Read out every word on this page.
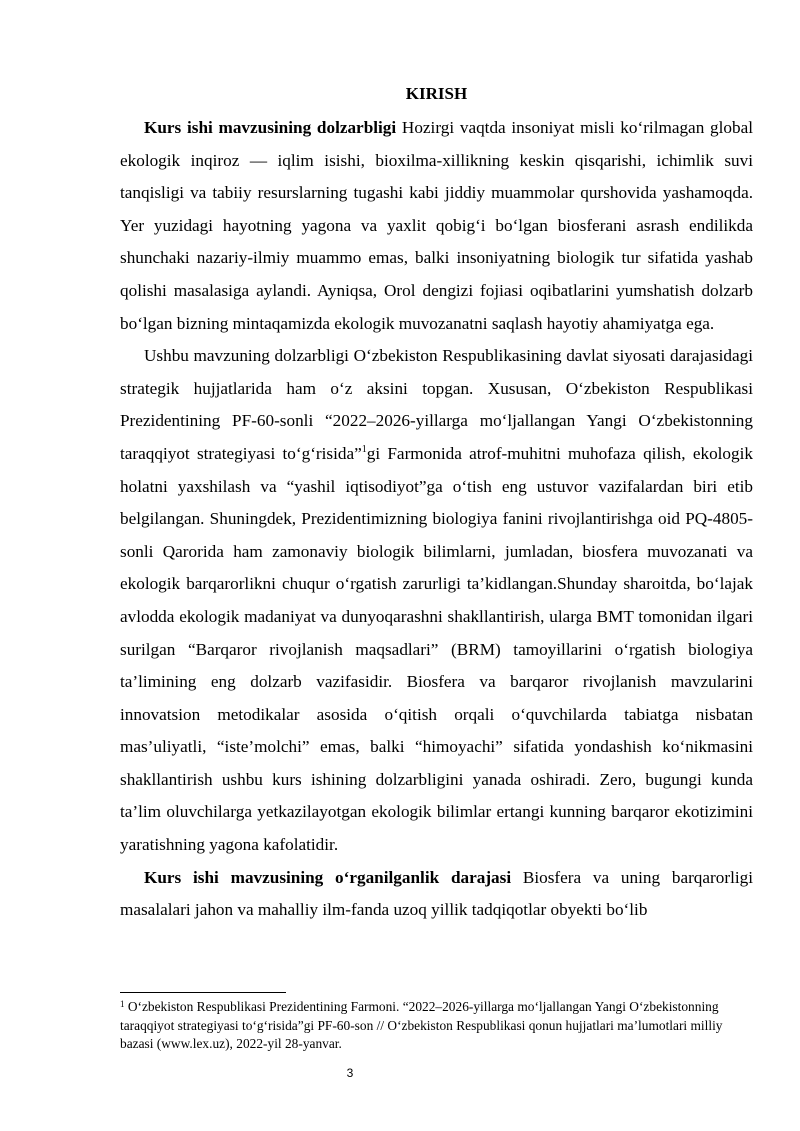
KIRISH

Kurs ishi mavzusining dolzarbligi Hozirgi vaqtda insoniyat misli ko‘rilmagan global ekologik inqiroz — iqlim isishi, bioxilma-xillikning keskin qisqarishi, ichimlik suvi tanqisligi va tabiiy resurslarning tugashi kabi jiddiy muammolar qurshovida yashamoqda. Yer yuzidagi hayotning yagona va yaxlit qobig‘i bo‘lgan biosferani asrash endilikda shunchaki nazariy-ilmiy muammo emas, balki insoniyatning biologik tur sifatida yashab qolishi masalasiga aylandi. Ayniqsa, Orol dengizi fojiasi oqibatlarini yumshatish dolzarb bo‘lgan bizning mintaqamizda ekologik muvozanatni saqlash hayotiy ahamiyatga ega.

Ushbu mavzuning dolzarbligi O‘zbekiston Respublikasining davlat siyosati darajasidagi strategik hujjatlarida ham o‘z aksini topgan. Xususan, O‘zbekiston Respublikasi Prezidentining PF-60-sonli “2022–2026-yillarga mo‘ljallangan Yangi O‘zbekistonning taraqqiyot strategiyasi to‘g‘risida”$^1$gi Farmonida atrof-muhitni muhofaza qilish, ekologik holatni yaxshilash va “yashil iqtisodiyot”ga o‘tish eng ustuvor vazifalardan biri etib belgilangan. Shuningdek, Prezidentimizning biologiya fanini rivojlantirishga oid PQ-4805-sonli Qarorida ham zamonaviy biologik bilimlarni, jumladan, biosfera muvozanati va ekologik barqarorlikni chuqur o‘rgatish zarurligi ta’kidlangan.Shunday sharoitda, bo‘lajak avlodda ekologik madaniyat va dunyoqarashni shakllantirish, ularga BMT tomonidan ilgari surilgan “Barqaror rivojlanish maqsadlari” (BRM) tamoyillarini o‘rgatish biologiya ta’limining eng dolzarb vazifasidir. Biosfera va barqaror rivojlanish mavzularini innovatsion metodikalar asosida o‘qitish orqali o‘quvchilarda tabiatga nisbatan mas’uliyatli, “iste’molchi” emas, balki “himoyachi” sifatida yondashish ko‘nikmasini shakllantirish ushbu kurs ishining dolzarbligini yanada oshiradi. Zero, bugungi kunda ta’lim oluvchilarga yetkazilayotgan ekologik bilimlar ertangi kunning barqaror ekotizimini yaratishning yagona kafolatidir.

Kurs ishi mavzusining o‘rganilganlik darajasi Biosfera va uning barqarorligi masalalari jahon va mahalliy ilm-fanda uzoq yillik tadqiqotlar obyekti bo‘lib

$^1$ O‘zbekiston Respublikasi Prezidentining Farmoni. “2022–2026-yillarga mo‘ljallangan Yangi O‘zbekistonning taraqqiyot strategiyasi to‘g‘risida”gi PF-60-son // O‘zbekiston Respublikasi qonun hujjatlari ma’lumotlari milliy bazasi (www.lex.uz), 2022-yil 28-yanvar.
3
